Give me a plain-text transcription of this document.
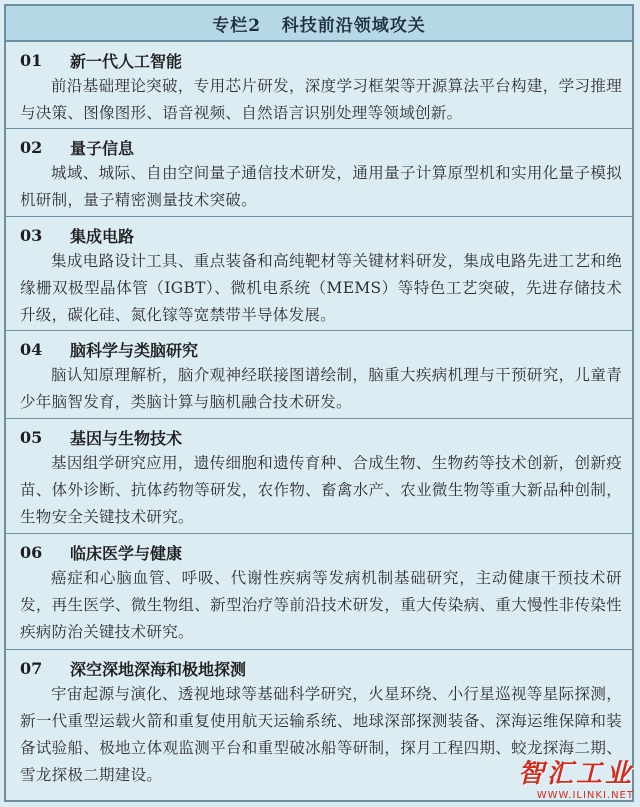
专栏2   科技前沿领域攻关
01	新一代人工智能
前沿基础理论突破，专用芯片研发，深度学习框架等开源算法平台构建，学习推理与决策、图像图形、语音视频、自然语言识别处理等领域创新。
02	量子信息
城域、城际、自由空间量子通信技术研发，通用量子计算原型机和实用化量子模拟机研制，量子精密测量技术突破。
03	集成电路
集成电路设计工具、重点装备和高纯靶材等关键材料研发，集成电路先进工艺和绝缘栅双极型晶体管（IGBT）、微机电系统（MEMS）等特色工艺突破，先进存储技术升级，碳化硅、氮化镓等宽禁带半导体发展。
04	脑科学与类脑研究
脑认知原理解析，脑介观神经联接图谱绘制，脑重大疾病机理与干预研究，儿童青少年脑智发育，类脑计算与脑机融合技术研发。
05	基因与生物技术
基因组学研究应用，遗传细胞和遗传育种、合成生物、生物药等技术创新，创新疫苗、体外诊断、抗体药物等研发，农作物、畜禽水产、农业微生物等重大新品种创制，生物安全关键技术研究。
06	临床医学与健康
癌症和心脑血管、呼吸、代谢性疾病等发病机制基础研究，主动健康干预技术研发，再生医学、微生物组、新型治疗等前沿技术研发，重大传染病、重大慢性非传染性疾病防治关键技术研究。
07	深空深地深海和极地探测
宇宙起源与演化、透视地球等基础科学研究，火星环绕、小行星巡视等星际探测，新一代重型运载火箭和重复使用航天运输系统、地球深部探测装备、深海运维保障和装备试验船、极地立体观监测平台和重型破冰船等研制，探月工程四期、蛟龙探海二期、雪龙探极二期建设。	智汇工业
WWW.ILINKI.NET
